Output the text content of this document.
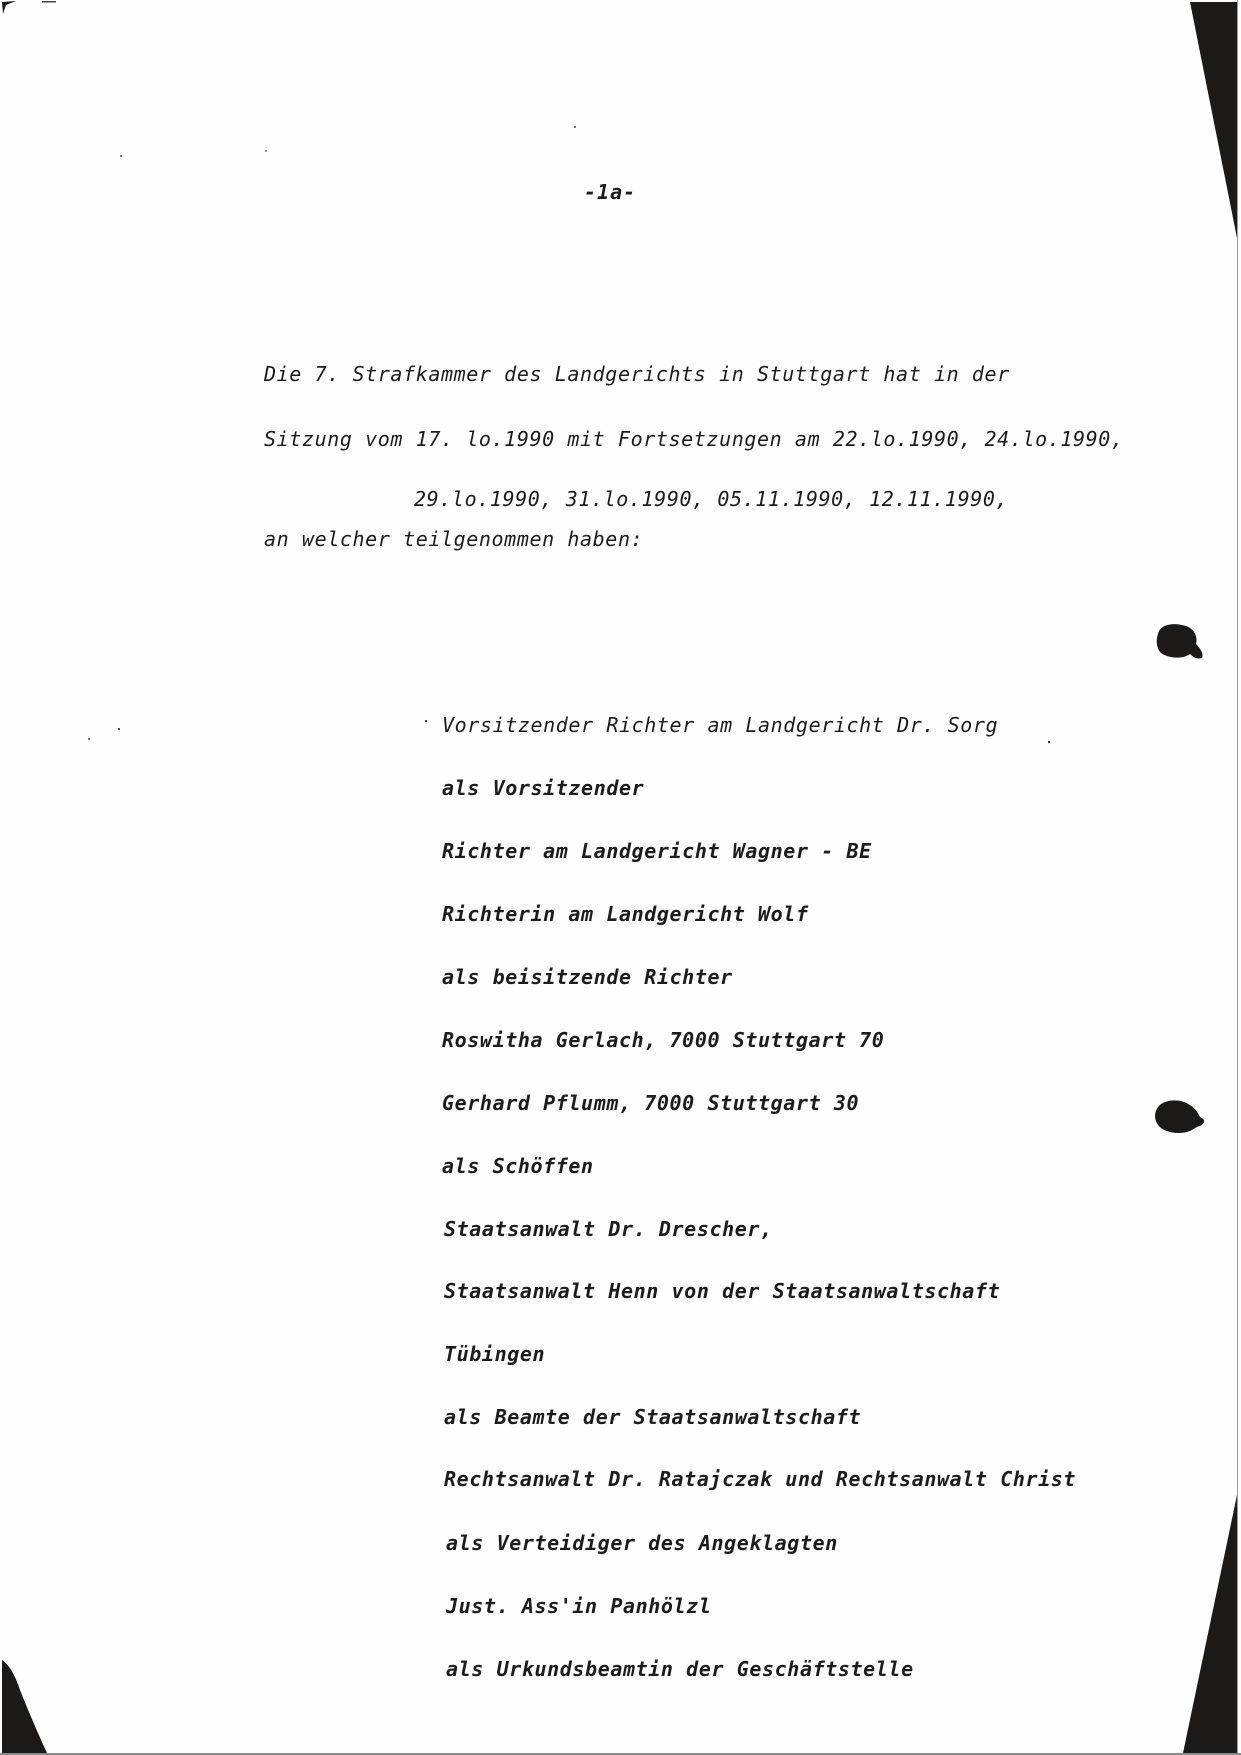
-1a-
Die 7. Strafkammer des Landgerichts in Stuttgart hat in der
Sitzung vom 17. lo.1990 mit Fortsetzungen am 22.lo.1990, 24.lo.1990,
29.lo.1990, 31.lo.1990, 05.11.1990, 12.11.1990,
an welcher teilgenommen haben:
Vorsitzender Richter am Landgericht Dr. Sorg
als Vorsitzender
Richter am Landgericht Wagner - BE
Richterin am Landgericht Wolf
als beisitzende Richter
Roswitha Gerlach, 7000 Stuttgart 70
Gerhard Pflumm, 7000 Stuttgart 30
als Schöffen
Staatsanwalt Dr. Drescher,
Staatsanwalt Henn von der Staatsanwaltschaft
Tübingen
als Beamte der Staatsanwaltschaft
Rechtsanwalt Dr. Ratajczak und Rechtsanwalt Christ
als Verteidiger des Angeklagten
Just. Ass'in Panhölzl
als Urkundsbeamtin der Geschäftstelle
